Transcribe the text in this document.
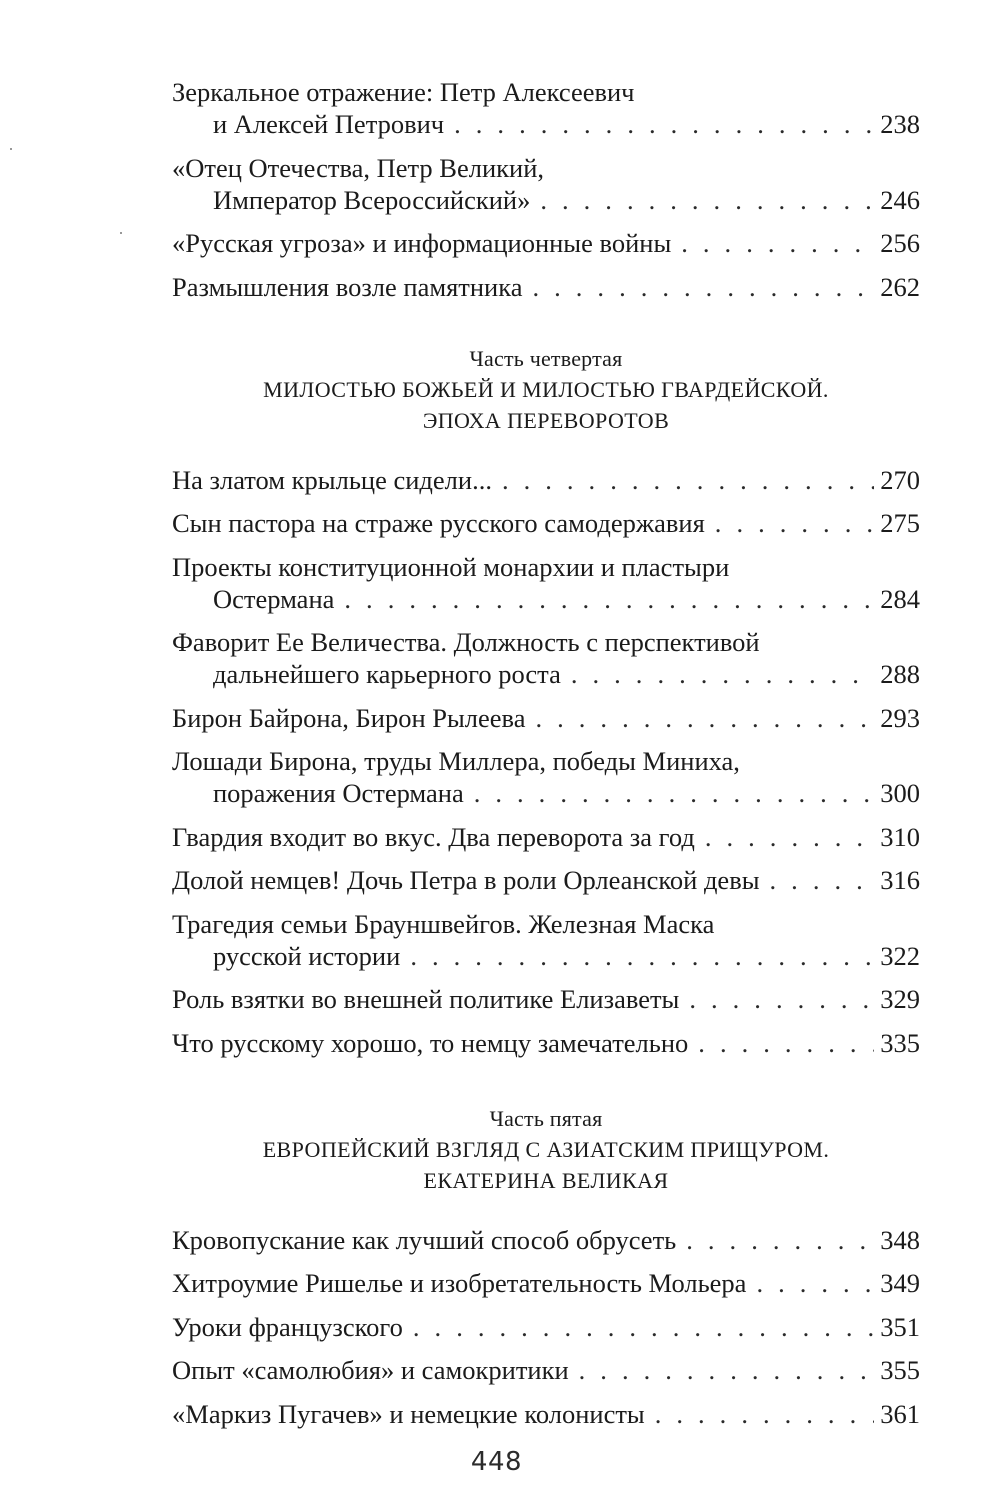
Зеркальное отражение: Петр Алексеевич
и Алексей Петрович . . .	238
«Отец Отечества, Петр Великий,
Император Всероссийский» . . .	246
«Русская угроза» и информационные войны . . .	256
Размышления возле памятника . . .	262
Часть четвертая
МИЛОСТЬЮ БОЖЬЕЙ И МИЛОСТЬЮ ГВАРДЕЙСКОЙ.
ЭПОХА ПЕРЕВОРОТОВ
На златом крыльце сидели... . . .	270
Сын пастора на страже русского самодержавия . . .	275
Проекты конституционной монархии и пластыри
Остермана . . .	284
Фаворит Ее Величества. Должность с перспективой
дальнейшего карьерного роста . . .	288
Бирон Байрона, Бирон Рылеева . . .	293
Лошади Бирона, труды Миллера, победы Миниха,
поражения Остермана . . .	300
Гвардия входит во вкус. Два переворота за год . . .	310
Долой немцев! Дочь Петра в роли Орлеанской девы . . .	316
Трагедия семьи Брауншвейгов. Железная Маска
русской истории . . .	322
Роль взятки во внешней политике Елизаветы . . .	329
Что русскому хорошо, то немцу замечательно . . .	335
Часть пятая
ЕВРОПЕЙСКИЙ ВЗГЛЯД С АЗИАТСКИМ ПРИЩУРОМ.
ЕКАТЕРИНА ВЕЛИКАЯ
Кровопускание как лучший способ обрусеть . . .	348
Хитроумие Ришелье и изобретательность Мольера . . .	349
Уроки французского . . .	351
Опыт «самолюбия» и самокритики . . .	355
«Маркиз Пугачев» и немецкие колонисты . . .	361
448
